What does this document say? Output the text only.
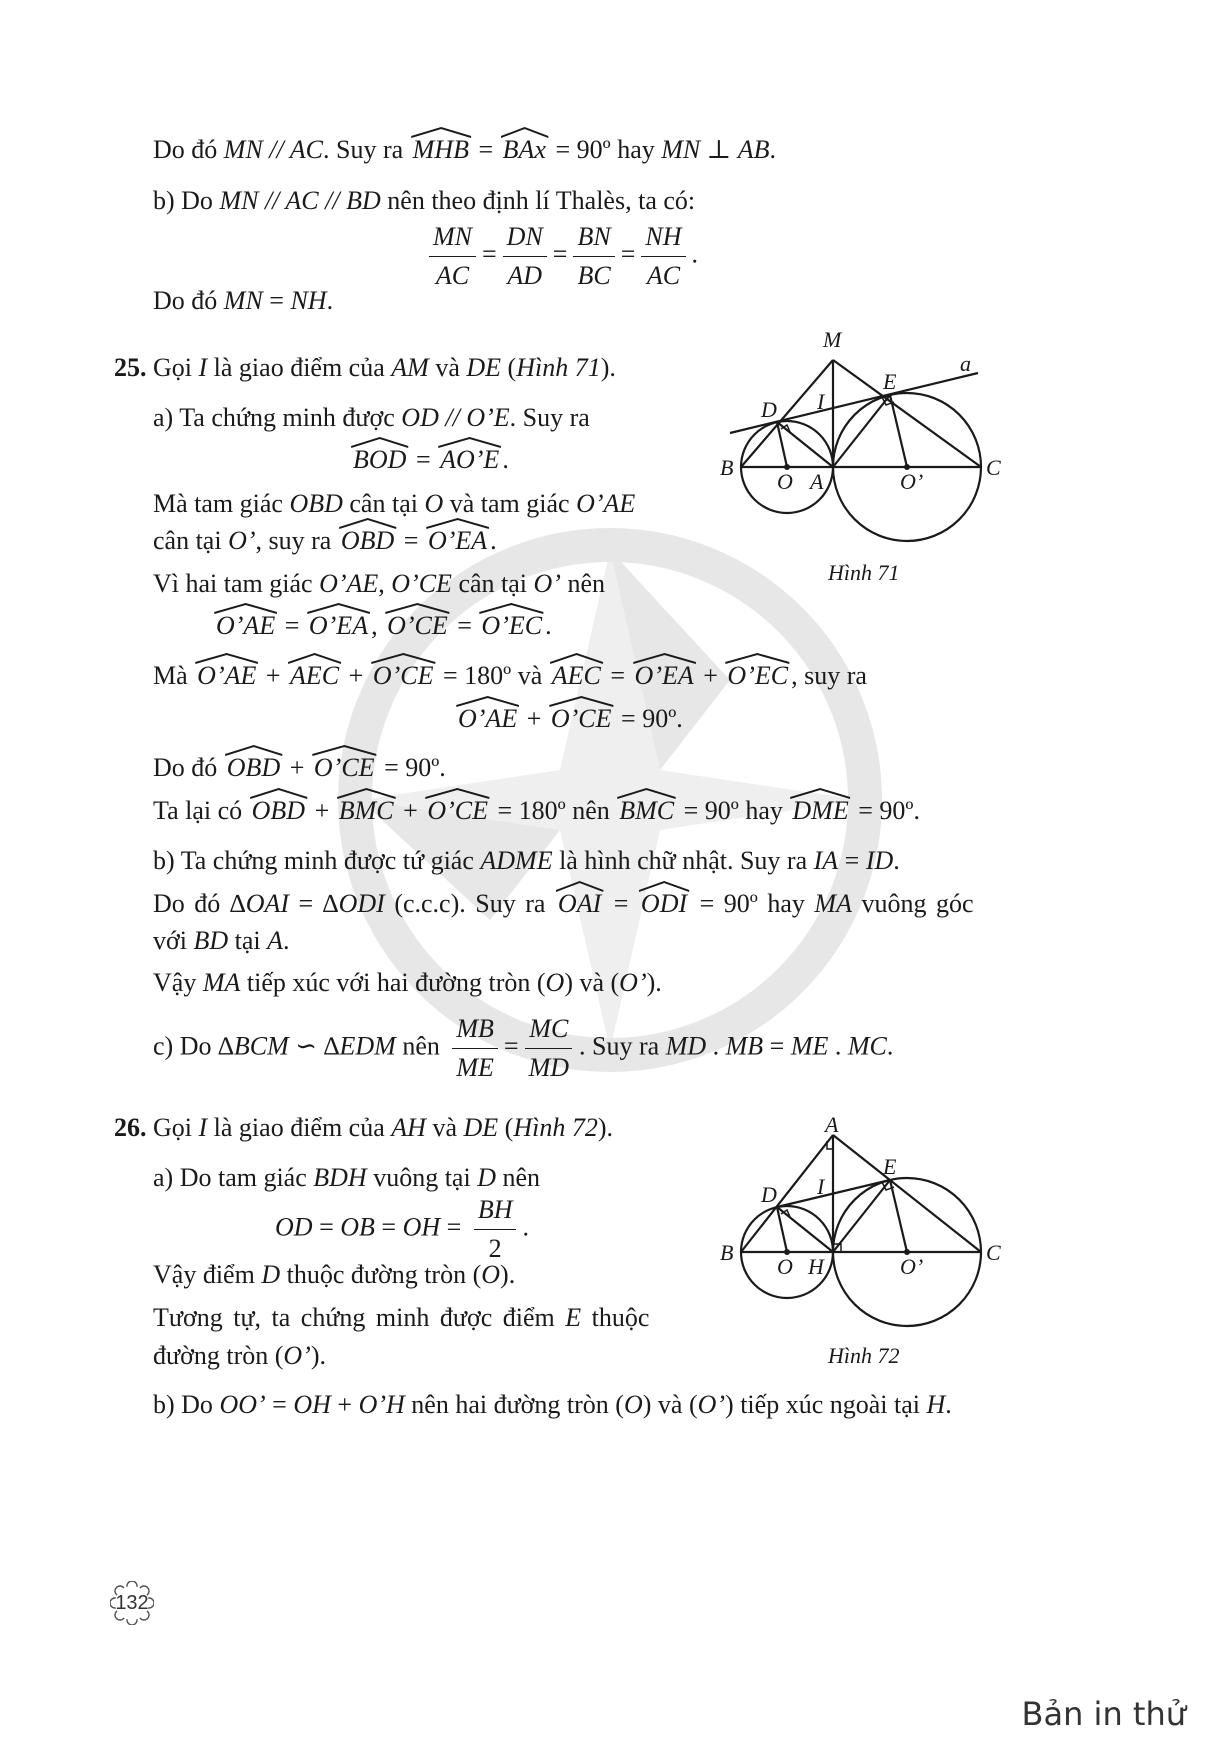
Do đó MN // AC. Suy ra
MHB =
BAx = 90º hay MN ⊥ AB.
b) Do MN // AC // BD nên theo định lí Thalès, ta có:
$\frac{MN}{AC} = \frac{DN}{AD} = \frac{BN}{BC} = \frac{NH}{AC}$ .
Do đó MN = NH.
25. Gọi I là giao điểm của AM và DE (Hình 71).
a) Ta chứng minh được OD // O’E. Suy ra
BOD =
AO’E .
Mà tam giác OBD cân tại O và tam giác O’AE
cân tại O’, suy ra
OBD =
O’EA .
Vì hai tam giác O’AE, O’CE cân tại O’ nên
O’AE =
O’EA ,
O’CE =
O’EC .
Mà
O’AE +
AEC +
O’CE = 180º và
AEC =
O’EA +
O’EC , suy ra
O’AE +
O’CE = 90º.
Do đó
OBD +
O’CE = 90º.
Ta lại có
OBD +
BMC +
O’CE = 180º nên
BMC = 90º hay
DME = 90º.
b) Ta chứng minh được tứ giác ADME là hình chữ nhật. Suy ra IA = ID.
Do đó ∆OAI = ∆ODI (c.c.c). Suy ra
OAI =
ODI = 90º hay MA vuông góc
với BD tại A.
Vậy MA tiếp xúc với hai đường tròn (O) và (O’).
c) Do ∆BCM ∽ ∆EDM nên $\frac{MB}{ME} = \frac{MC}{MD}$ . Suy ra MD . MB = ME . MC.
M
a
E
I
D
B
O A	O’
C
Hình 71
26. Gọi I là giao điểm của AH và DE (Hình 72).
a) Do tam giác BDH vuông tại D nên
OD = OB = OH = $\frac{BH}{2}$ .
Vậy điểm D thuộc đường tròn (O).
Tương tự, ta chứng minh được điểm E thuộc
đường tròn (O’).
b) Do OO’ = OH + O’H nên hai đường tròn (O) và (O’) tiếp xúc ngoài tại H.
A
E
I
D
B
O H	O’
C
Hình 72
132
Bản in thử
